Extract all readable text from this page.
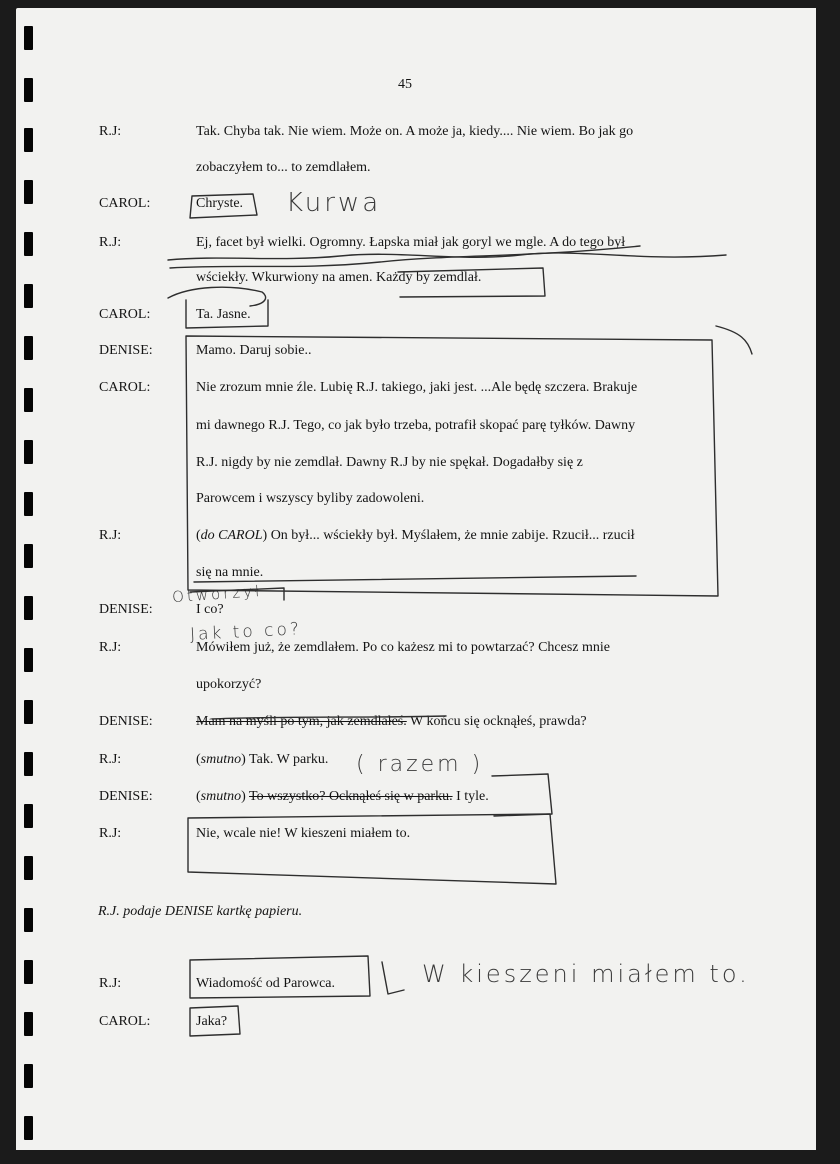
45
R.J:
CAROL:
R.J:
CAROL:
DENISE:
CAROL:
R.J:
DENISE:
R.J:
DENISE:
R.J:
DENISE:
R.J:
R.J:
CAROL:
Tak. Chyba tak. Nie wiem. Może on. A może ja, kiedy.... Nie wiem. Bo jak go
zobaczyłem to... to zemdlałem.
Chryste.
Ej, facet był wielki. Ogromny. Łapska miał jak goryl we mgle. A do tego był
wściekły. Wkurwiony na amen. Każdy by zemdlał.
Ta. Jasne.
Mamo. Daruj sobie..
Nie zrozum mnie źle. Lubię R.J. takiego, jaki jest. ...Ale będę szczera. Brakuje
mi dawnego R.J. Tego, co jak było trzeba, potrafił skopać parę tyłków. Dawny
R.J. nigdy by nie zemdlał. Dawny R.J by nie spękał. Dogadałby się z
Parowcem i wszyscy byliby zadowoleni.
(do CAROL) On był... wściekły był. Myślałem, że mnie zabije. Rzucił... rzucił
się na mnie.
I co?
Mówiłem już, że zemdlałem. Po co każesz mi to powtarzać? Chcesz mnie
upokorzyć?
Mam na myśli po tym, jak zemdlałeś. W końcu się ocknąłeś, prawda?
(smutno) Tak. W parku.
(smutno) To wszystko? Ocknąłeś się w parku. I tyle.
Nie, wcale nie! W kieszeni miałem to.
R.J. podaje DENISE kartkę papieru.
Wiadomość od Parowca.
Jaka?
Kurwa
Otworzył
Jak to co?
( razem )
W kieszeni miałem to.
